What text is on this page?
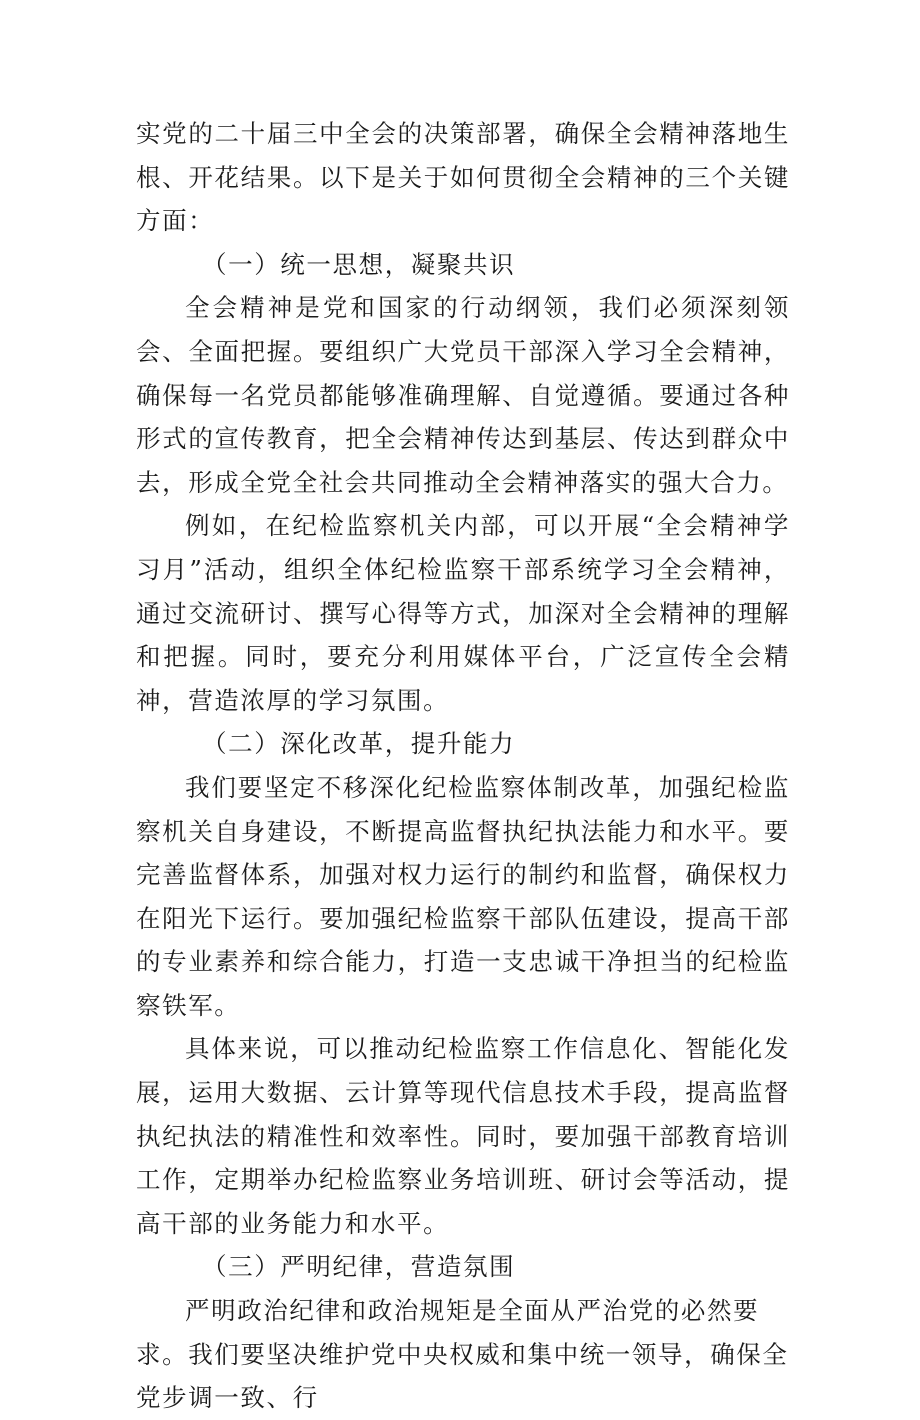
实党的二十届三中全会的决策部署，确保全会精神落地生根、开花结果。以下是关于如何贯彻全会精神的三个关键方面：

（一）统一思想，凝聚共识

全会精神是党和国家的行动纲领，我们必须深刻领会、全面把握。要组织广大党员干部深入学习全会精神，确保每一名党员都能够准确理解、自觉遵循。要通过各种形式的宣传教育，把全会精神传达到基层、传达到群众中去，形成全党全社会共同推动全会精神落实的强大合力。

例如，在纪检监察机关内部，可以开展“全会精神学习月”活动，组织全体纪检监察干部系统学习全会精神，通过交流研讨、撰写心得等方式，加深对全会精神的理解和把握。同时，要充分利用媒体平台，广泛宣传全会精神，营造浓厚的学习氛围。

（二）深化改革，提升能力

我们要坚定不移深化纪检监察体制改革，加强纪检监察机关自身建设，不断提高监督执纪执法能力和水平。要完善监督体系，加强对权力运行的制约和监督，确保权力在阳光下运行。要加强纪检监察干部队伍建设，提高干部的专业素养和综合能力，打造一支忠诚干净担当的纪检监察铁军。

具体来说，可以推动纪检监察工作信息化、智能化发展，运用大数据、云计算等现代信息技术手段，提高监督执纪执法的精准性和效率性。同时，要加强干部教育培训工作，定期举办纪检监察业务培训班、研讨会等活动，提高干部的业务能力和水平。

（三）严明纪律，营造氛围

严明政治纪律和政治规矩是全面从严治党的必然要求。我们要坚决维护党中央权威和集中统一领导，确保全党步调一致、行
